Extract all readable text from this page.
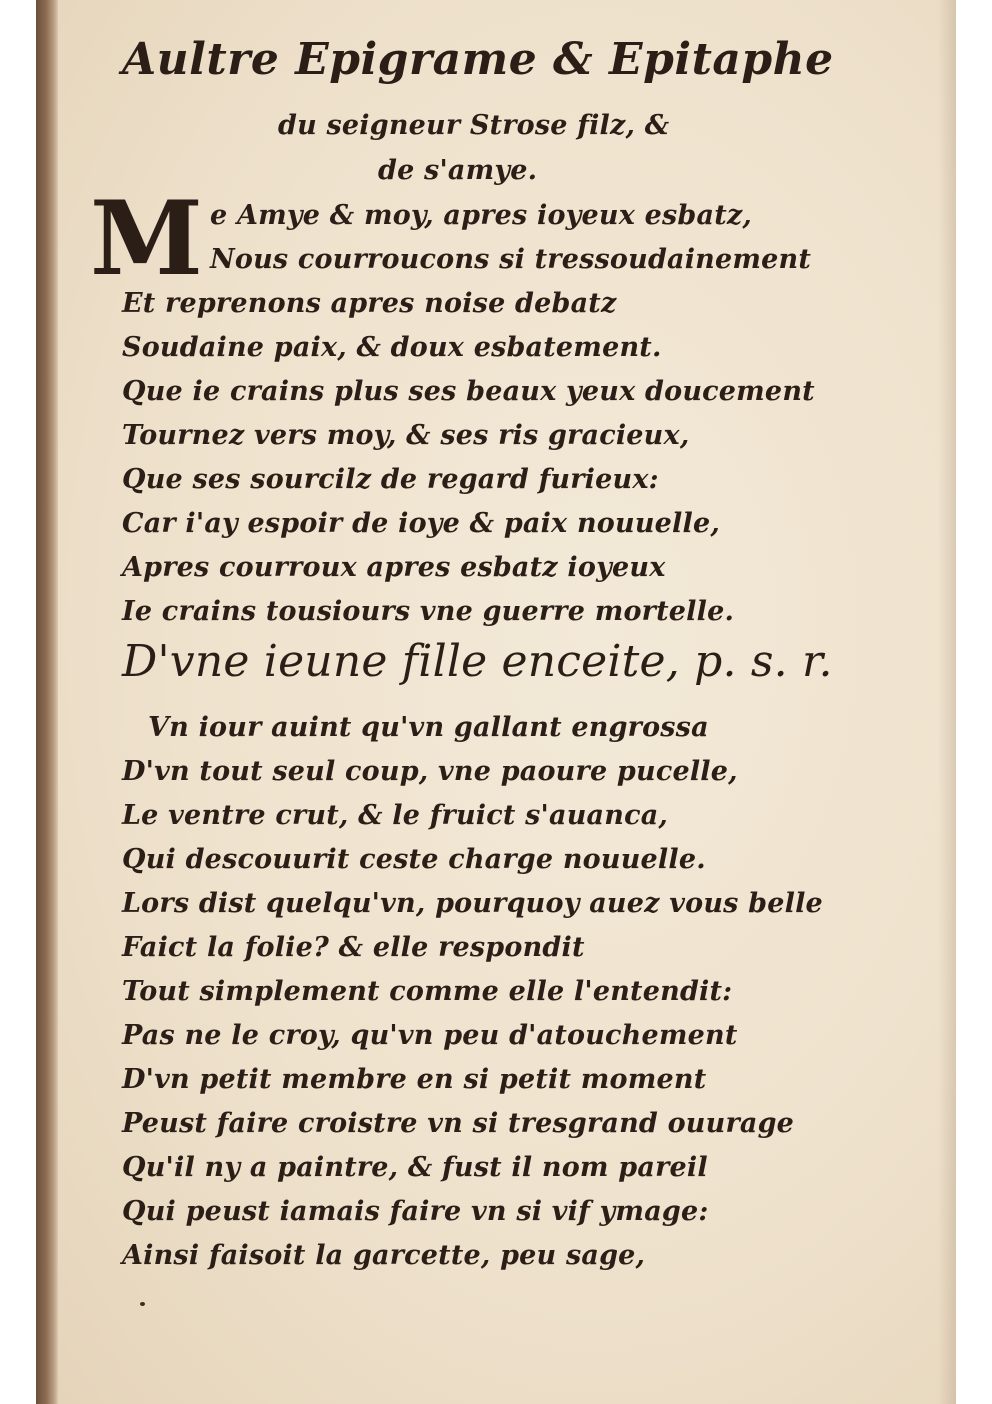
Aultre Epigrame & Epitaphe
du seigneur Strose filz, &
de s'amye.
M e Amye & moy, apres ioyeux esbatz,
Nous courroucons si tressoudainement
Et reprenons apres noise debatz
Soudaine paix, & doux esbatement.
Que ie crains plus ses beaux yeux doucement
Tournez vers moy, & ses ris gracieux,
Que ses sourcilz de regard furieux:
Car i'ay espoir de ioye & paix nouuelle,
Apres courroux apres esbatz ioyeux
Ie crains tousiours vne guerre mortelle.
D'vne ieune fille enceite, p. s. r.
Vn iour auint qu'vn gallant engrossa
D'vn tout seul coup, vne paoure pucelle,
Le ventre crut, & le fruict s'auanca,
Qui descouurit ceste charge nouuelle.
Lors dist quelqu'vn, pourquoy auez vous belle
Faict la folie? & elle respondit
Tout simplement comme elle l'entendit:
Pas ne le croy, qu'vn peu d'atouchement
D'vn petit membre en si petit moment
Peust faire croistre vn si tresgrand ouurage
Qu'il ny a paintre, & fust il nom pareil
Qui peust iamais faire vn si vif ymage:
Ainsi faisoit la garcette, peu sage,
